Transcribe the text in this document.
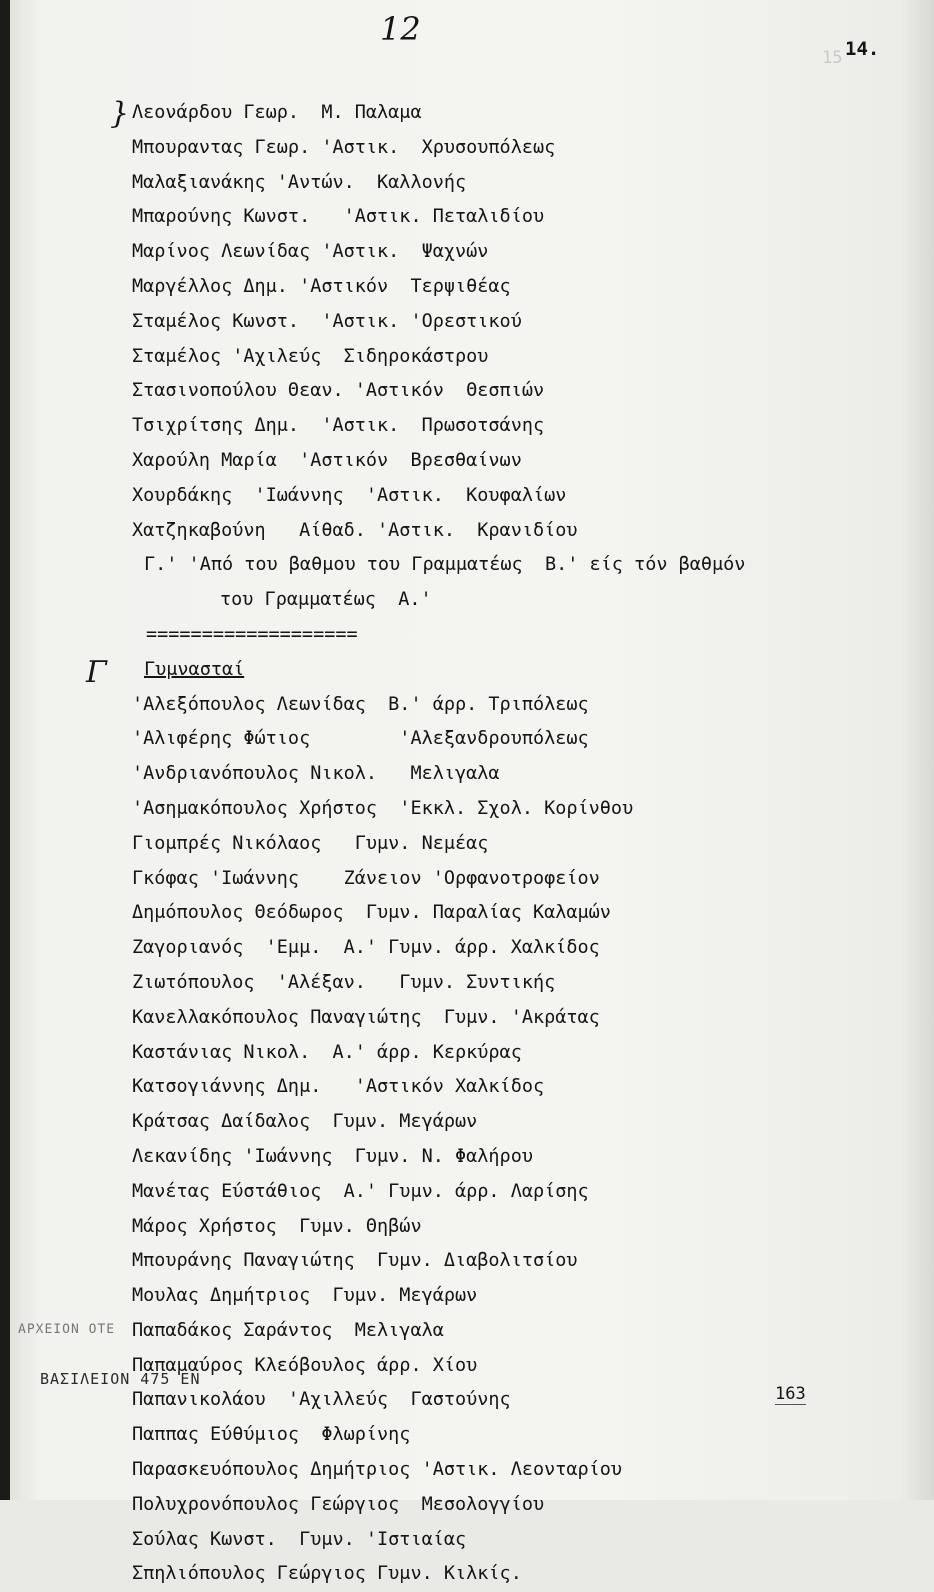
12
15 14.
}
Γ
Λεονάρδου Γεωρ.  Μ. Παλαμα
Μπουραντας Γεωρ. 'Αστικ.  Χρυσουπόλεως
Μαλαξιανάκης 'Αντών.  Καλλονής
Μπαρούνης Κωνστ.   'Αστικ. Πεταλιδίου
Μαρίνος Λεωνίδας 'Αστικ.  Ψαχνών
Μαργέλλος Δημ. 'Αστικόν  Τερψιθέας
Σταμέλος Κωνστ.  'Αστικ. 'Ορεστικού
Σταμέλος 'Αχιλεύς  Σιδηροκάστρου
Στασινοπούλου Θεαν. 'Αστικόν  Θεσπιών
Τσιχρίτσης Δημ.  'Αστικ.  Πρωσοτσάνης
Χαρούλη Μαρία  'Αστικόν  Βρεσθαίνων
Χουρδάκης  'Ιωάννης  'Αστικ.  Κουφαλίων
Χατζηκαβούνη   Αίθαδ. 'Αστικ.  Κρανιδίου
Γ.' 'Από του βαθμου του Γραμματέως  Β.' είς τόν βαθμόν
του Γραμματέως  Α.'
===================
Γυμνασταί
'Αλεξόπουλος Λεωνίδας  Β.' άρρ. Τριπόλεως
'Αλιφέρης Φώτιος        'Αλεξανδρουπόλεως
'Ανδριανόπουλος Νικολ.   Μελιγαλα
'Ασημακόπουλος Χρήστος  'Εκκλ. Σχολ. Κορίνθου
Γιομπρές Νικόλαος   Γυμν. Νεμέας
Γκόφας 'Ιωάννης    Ζάνειον 'Ορφανοτροφείον
Δημόπουλος Θεόδωρος  Γυμν. Παραλίας Καλαμών
Ζαγοριανός  'Εμμ.  Α.' Γυμν. άρρ. Χαλκίδος
Ζιωτόπουλος  'Αλέξαν.   Γυμν. Συντικής
Κανελλακόπουλος Παναγιώτης  Γυμν. 'Ακράτας
Καστάνιας Νικολ.  Α.' άρρ. Κερκύρας
Κατσογιάννης Δημ.   'Αστικόν Χαλκίδος
Κράτσας Δαίδαλος  Γυμν. Μεγάρων
Λεκανίδης 'Ιωάννης  Γυμν. Ν. Φαλήρου
Μανέτας Εύστάθιος  Α.' Γυμν. άρρ. Λαρίσης
Μάρος Χρήστος  Γυμν. Θηβών
Μπουράνης Παναγιώτης  Γυμν. Διαβολιτσίου
Μουλας Δημήτριος  Γυμν. Μεγάρων
Παπαδάκος Σαράντος  Μελιγαλα
Παπαμαύρος Κλεόβουλος άρρ. Χίου
Παπανικολάου  'Αχιλλεύς  Γαστούνης
Παππας Εύθύμιος  Φλωρίνης
Παρασκευόπουλος Δημήτριος 'Αστικ. Λεονταρίου
Πολυχρονόπουλος Γεώργιος  Μεσολογγίου
Σούλας Κωνστ.  Γυμν. 'Ιστιαίας
Σπηλιόπουλος Γεώργιος Γυμν. Κιλκίς.
ΑΡΧΕΙΟΝ ΟΤΕ
ΒΑΣΙΛΕΙΟΝ 475 ΕΝ
163
